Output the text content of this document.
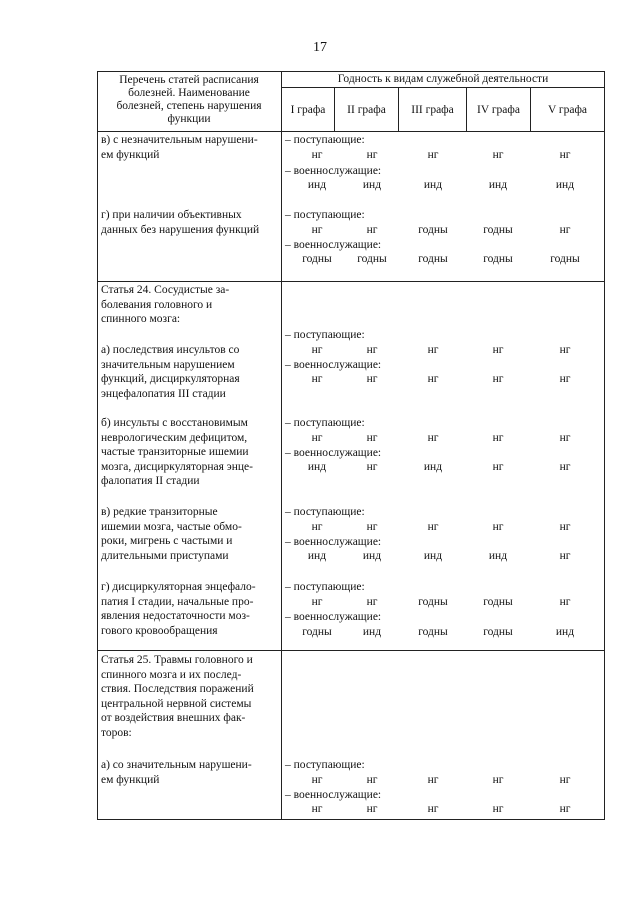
17
Перечень статей расписания
болезней. Наименование
болезней, степень нарушения
функции
Годность к видам служебной деятельности
I графа	II графа	III графа	IV графа	V графа
в) с незначительным нарушени-
ем функций
– поступающие:
нг	нг	нг	нг	нг
– военнослужащие:
инд	инд	инд	инд	инд
г) при наличии объективных
данных без нарушения функций
– поступающие:
нг	нг	годны	годны	нг
– военнослужащие:
годны	годны	годны	годны	годны
Статья 24. Сосудистые за-
болевания головного и
спинного мозга:
а) последствия инсультов со
значительным нарушением
функций, дисциркуляторная
энцефалопатия III стадии
– поступающие:
нг	нг	нг	нг	нг
– военнослужащие:
нг	нг	нг	нг	нг
б) инсульты с восстановимым
неврологическим дефицитом,
частые транзиторные ишемии
мозга, дисциркуляторная энце-
фалопатия II стадии
– поступающие:
нг	нг	нг	нг	нг
– военнослужащие:
инд	нг	инд	нг	нг
в) редкие транзиторные
ишемии мозга, частые обмо-
роки, мигрень с частыми и
длительными приступами
– поступающие:
нг	нг	нг	нг	нг
– военнослужащие:
инд	инд	инд	инд	нг
г) дисциркуляторная энцефало-
патия I стадии, начальные про-
явления недостаточности моз-
гового кровообращения
– поступающие:
нг	нг	годны	годны	нг
– военнослужащие:
годны	инд	годны	годны	инд
Статья 25. Травмы головного и
спинного мозга и их послед-
ствия. Последствия поражений
центральной нервной системы
от воздействия внешних фак-
торов:
а) со значительным нарушени-
ем функций
– поступающие:
нг	нг	нг	нг	нг
– военнослужащие:
нг	нг	нг	нг	нг
